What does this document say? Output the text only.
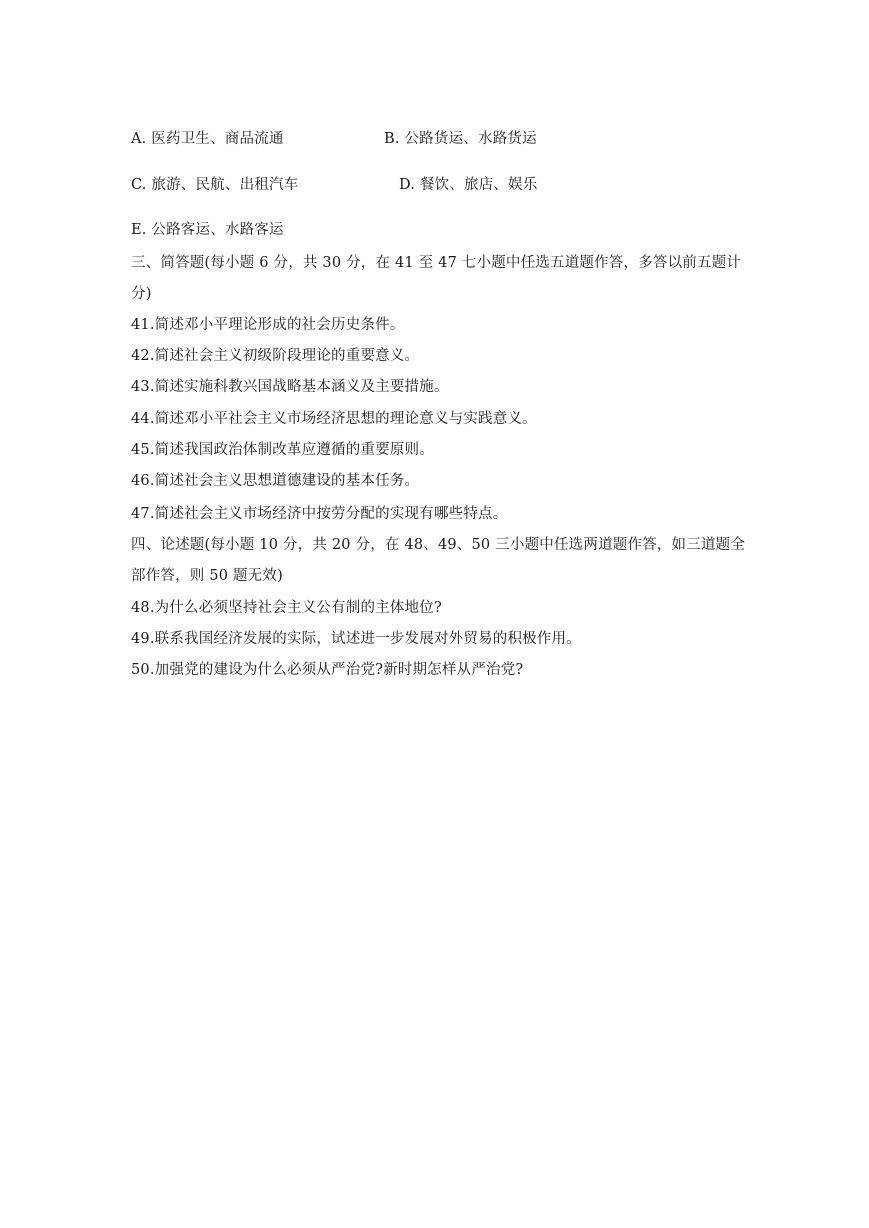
A. 医药卫生、商品流通	B. 公路货运、水路货运
C. 旅游、民航、出租汽车	D. 餐饮、旅店、娱乐
E. 公路客运、水路客运
三、简答题(每小题 6 分，共 30 分，在 41 至 47 七小题中任选五道题作答，多答以前五题计
分)
41.简述邓小平理论形成的社会历史条件。
42.简述社会主义初级阶段理论的重要意义。
43.简述实施科教兴国战略基本涵义及主要措施。
44.简述邓小平社会主义市场经济思想的理论意义与实践意义。
45.简述我国政治体制改革应遵循的重要原则。
46.简述社会主义思想道德建设的基本任务。
47.简述社会主义市场经济中按劳分配的实现有哪些特点。
四、论述题(每小题 10 分，共 20 分，在 48、49、50 三小题中任选两道题作答，如三道题全
部作答，则 50 题无效)
48.为什么必须坚持社会主义公有制的主体地位?
49.联系我国经济发展的实际，试述进一步发展对外贸易的积极作用。
50.加强党的建设为什么必须从严治党?新时期怎样从严治党?
